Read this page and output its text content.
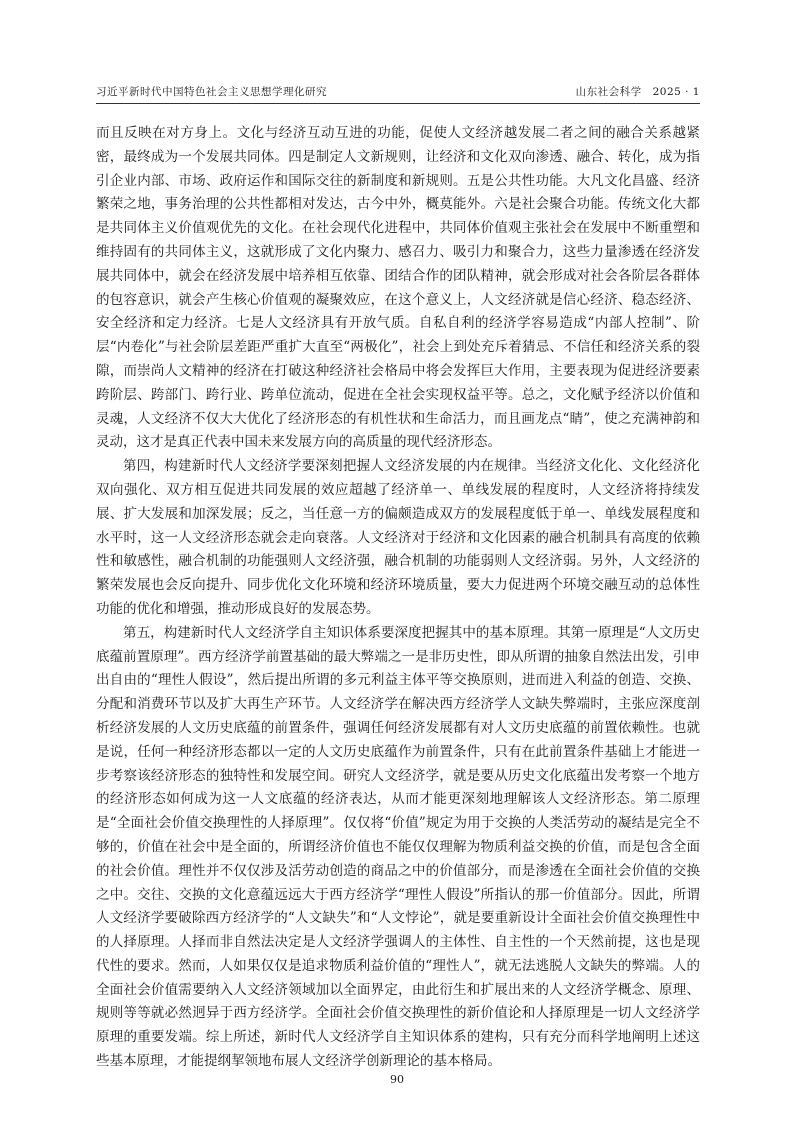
习近平新时代中国特色社会主义思想学理化研究	山东社会科学　2025 · 1

而且反映在对方身上。文化与经济互动互进的功能，促使人文经济越发展二者之间的融合关系越紧密，最终成为一个发展共同体。四是制定人文新规则，让经济和文化双向渗透、融合、转化，成为指引企业内部、市场、政府运作和国际交往的新制度和新规则。五是公共性功能。大凡文化昌盛、经济繁荣之地，事务治理的公共性都相对发达，古今中外，概莫能外。六是社会聚合功能。传统文化大都是共同体主义价值观优先的文化。在社会现代化进程中，共同体价值观主张社会在发展中不断重塑和维持固有的共同体主义，这就形成了文化内聚力、感召力、吸引力和聚合力，这些力量渗透在经济发展共同体中，就会在经济发展中培养相互依靠、团结合作的团队精神，就会形成对社会各阶层各群体的包容意识，就会产生核心价值观的凝聚效应，在这个意义上，人文经济就是信心经济、稳态经济、安全经济和定力经济。七是人文经济具有开放气质。自私自利的经济学容易造成“内部人控制”、阶层“内卷化”与社会阶层差距严重扩大直至“两极化”，社会上到处充斥着猜忌、不信任和经济关系的裂隙，而崇尚人文精神的经济在打破这种经济社会格局中将会发挥巨大作用，主要表现为促进经济要素跨阶层、跨部门、跨行业、跨单位流动，促进在全社会实现权益平等。总之，文化赋予经济以价值和灵魂，人文经济不仅大大优化了经济形态的有机性状和生命活力，而且画龙点“睛”，使之充满神韵和灵动，这才是真正代表中国未来发展方向的高质量的现代经济形态。

第四，构建新时代人文经济学要深刻把握人文经济发展的内在规律。当经济文化化、文化经济化双向强化、双方相互促进共同发展的效应超越了经济单一、单线发展的程度时，人文经济将持续发展、扩大发展和加深发展；反之，当任意一方的偏颇造成双方的发展程度低于单一、单线发展程度和水平时，这一人文经济形态就会走向衰落。人文经济对于经济和文化因素的融合机制具有高度的依赖性和敏感性，融合机制的功能强则人文经济强，融合机制的功能弱则人文经济弱。另外，人文经济的繁荣发展也会反向提升、同步优化文化环境和经济环境质量，要大力促进两个环境交融互动的总体性功能的优化和增强，推动形成良好的发展态势。

第五，构建新时代人文经济学自主知识体系要深度把握其中的基本原理。其第一原理是“人文历史底蕴前置原理”。西方经济学前置基础的最大弊端之一是非历史性，即从所谓的抽象自然法出发，引申出自由的“理性人假设”，然后提出所谓的多元利益主体平等交换原则，进而进入利益的创造、交换、分配和消费环节以及扩大再生产环节。人文经济学在解决西方经济学人文缺失弊端时，主张应深度剖析经济发展的人文历史底蕴的前置条件，强调任何经济发展都有对人文历史底蕴的前置依赖性。也就是说，任何一种经济形态都以一定的人文历史底蕴作为前置条件，只有在此前置条件基础上才能进一步考察该经济形态的独特性和发展空间。研究人文经济学，就是要从历史文化底蕴出发考察一个地方的经济形态如何成为这一人文底蕴的经济表达，从而才能更深刻地理解该人文经济形态。第二原理是“全面社会价值交换理性的人择原理”。仅仅将“价值”规定为用于交换的人类活劳动的凝结是完全不够的，价值在社会中是全面的，所谓经济价值也不能仅仅理解为物质利益交换的价值，而是包含全面的社会价值。理性并不仅仅涉及活劳动创造的商品之中的价值部分，而是渗透在全面社会价值的交换之中。交往、交换的文化意蕴远远大于西方经济学“理性人假设”所指认的那一价值部分。因此，所谓人文经济学要破除西方经济学的“人文缺失”和“人文悖论”，就是要重新设计全面社会价值交换理性中的人择原理。人择而非自然法决定是人文经济学强调人的主体性、自主性的一个天然前提，这也是现代性的要求。然而，人如果仅仅是追求物质利益价值的“理性人”，就无法逃脱人文缺失的弊端。人的全面社会价值需要纳入人文经济领域加以全面界定，由此衍生和扩展出来的人文经济学概念、原理、规则等等就必然迥异于西方经济学。全面社会价值交换理性的新价值论和人择原理是一切人文经济学原理的重要发端。综上所述，新时代人文经济学自主知识体系的建构，只有充分而科学地阐明上述这些基本原理，才能提纲挈领地布展人文经济学创新理论的基本格局。

90
